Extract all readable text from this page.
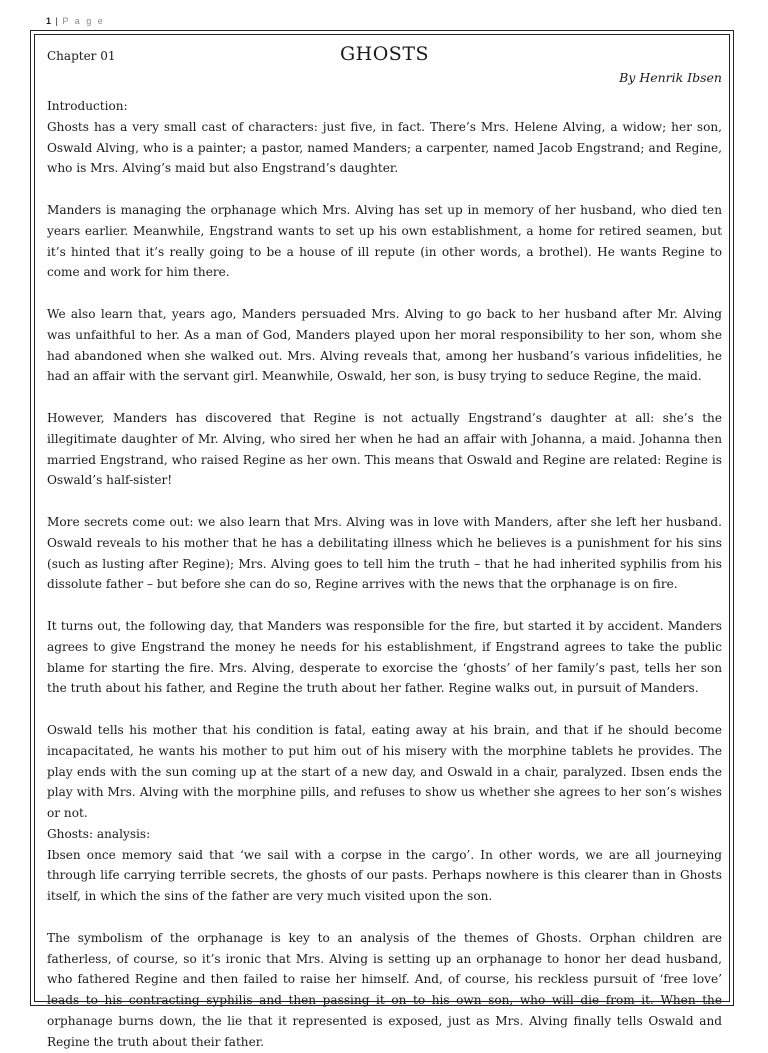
1 | P a g e
Chapter 01	GHOSTS
By Henrik Ibsen

Introduction:

Ghosts has a very small cast of characters: just five, in fact. There’s Mrs. Helene Alving, a widow; her son, Oswald Alving, who is a painter; a pastor, named Manders; a carpenter, named Jacob Engstrand; and Regine, who is Mrs. Alving’s maid but also Engstrand’s daughter.

Manders is managing the orphanage which Mrs. Alving has set up in memory of her husband, who died ten years earlier. Meanwhile, Engstrand wants to set up his own establishment, a home for retired seamen, but it’s hinted that it’s really going to be a house of ill repute (in other words, a brothel). He wants Regine to come and work for him there.

We also learn that, years ago, Manders persuaded Mrs. Alving to go back to her husband after Mr. Alving was unfaithful to her. As a man of God, Manders played upon her moral responsibility to her son, whom she had abandoned when she walked out. Mrs. Alving reveals that, among her husband’s various infidelities, he had an affair with the servant girl. Meanwhile, Oswald, her son, is busy trying to seduce Regine, the maid.

However, Manders has discovered that Regine is not actually Engstrand’s daughter at all: she’s the illegitimate daughter of Mr. Alving, who sired her when he had an affair with Johanna, a maid. Johanna then married Engstrand, who raised Regine as her own. This means that Oswald and Regine are related: Regine is Oswald’s half-sister!

More secrets come out: we also learn that Mrs. Alving was in love with Manders, after she left her husband. Oswald reveals to his mother that he has a debilitating illness which he believes is a punishment for his sins (such as lusting after Regine); Mrs. Alving goes to tell him the truth – that he had inherited syphilis from his dissolute father – but before she can do so, Regine arrives with the news that the orphanage is on fire.

It turns out, the following day, that Manders was responsible for the fire, but started it by accident. Manders agrees to give Engstrand the money he needs for his establishment, if Engstrand agrees to take the public blame for starting the fire. Mrs. Alving, desperate to exorcise the ‘ghosts’ of her family’s past, tells her son the truth about his father, and Regine the truth about her father. Regine walks out, in pursuit of Manders.

Oswald tells his mother that his condition is fatal, eating away at his brain, and that if he should become incapacitated, he wants his mother to put him out of his misery with the morphine tablets he provides. The play ends with the sun coming up at the start of a new day, and Oswald in a chair, paralyzed. Ibsen ends the play with Mrs. Alving with the morphine pills, and refuses to show us whether she agrees to her son’s wishes or not.

Ghosts: analysis:

Ibsen once memory said that ‘we sail with a corpse in the cargo’. In other words, we are all journeying through life carrying terrible secrets, the ghosts of our pasts. Perhaps nowhere is this clearer than in Ghosts itself, in which the sins of the father are very much visited upon the son.

The symbolism of the orphanage is key to an analysis of the themes of Ghosts. Orphan children are fatherless, of course, so it’s ironic that Mrs. Alving is setting up an orphanage to honor her dead husband, who fathered Regine and then failed to raise her himself. And, of course, his reckless pursuit of ‘free love’ leads to his contracting syphilis and then passing it on to his own son, who will die from it. When the orphanage burns down, the lie that it represented is exposed, just as Mrs. Alving finally tells Oswald and Regine the truth about their father.
